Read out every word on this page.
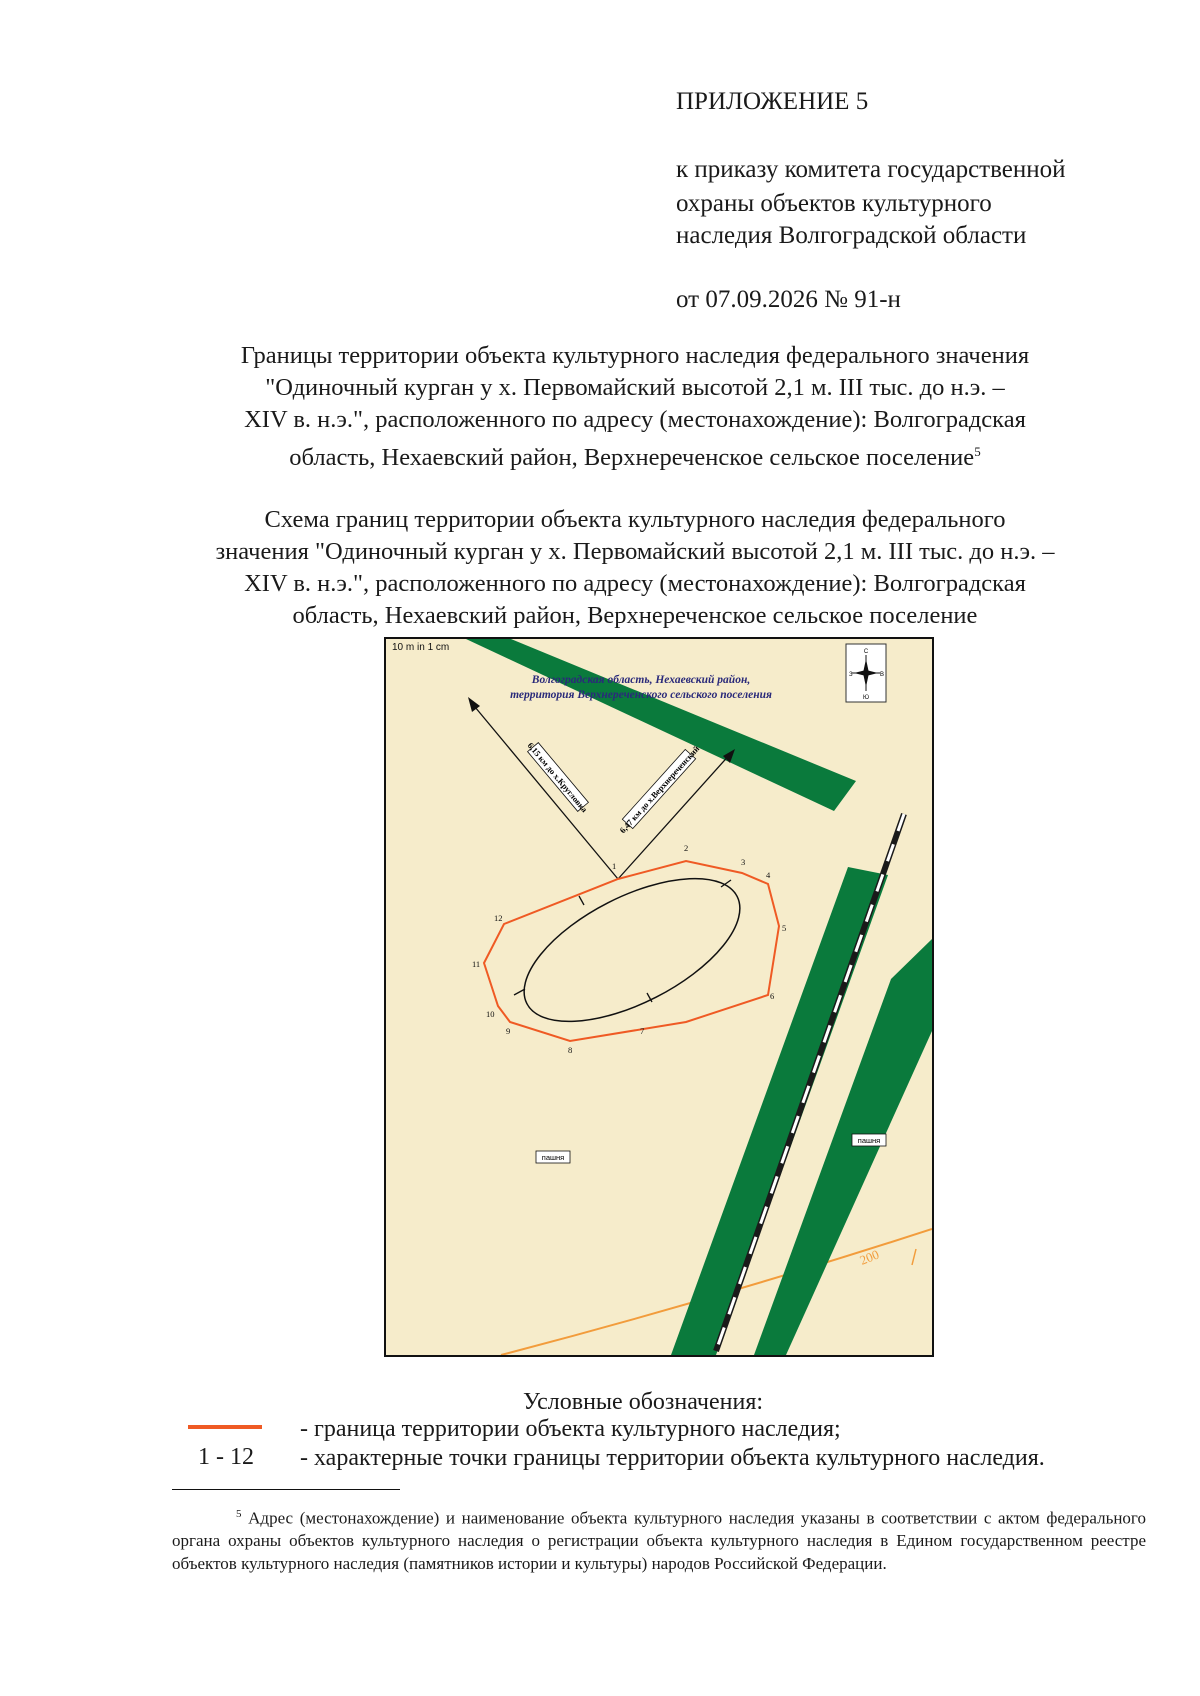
ПРИЛОЖЕНИЕ 5
к приказу комитета государственной
охраны объектов культурного
наследия Волгоградской области
от 07.09.2026 № 91-н
Границы территории объекта культурного наследия федерального значения
"Одиночный курган у х. Первомайский высотой 2,1 м. III тыс. до н.э. –
XIV в. н.э.", расположенного по адресу (местонахождение): Волгоградская
область, Нехаевский район, Верхнереченское сельское поселение$^5$
Схема границ территории объекта культурного наследия федерального
значения "Одиночный курган у х. Первомайский высотой 2,1 м. III тыс. до н.э. –
XIV в. н.э.", расположенного по адресу (местонахождение): Волгоградская
область, Нехаевский район, Верхнереченское сельское поселение
200
10 m in 1 cm
Волгоградская область, Нехаевский район,
территория Верхнереченского сельского поселения
С
Ю
З	В
6,15 км до х.Кругловка	6,47 км до х.Верхнереченский
1
2
3
4
5
6
7
8
9
10
11
12
пашня
пашня
Условные обозначения:
- граница территории объекта культурного наследия;
1 - 12 - характерные точки границы территории объекта культурного наследия.
$^5$ Адрес (местонахождение) и наименование объекта культурного наследия указаны в соответствии с актом федерального органа охраны объектов культурного наследия о регистрации объекта культурного наследия в Едином государственном реестре объектов культурного наследия (памятников истории и культуры) народов Российской Федерации.
